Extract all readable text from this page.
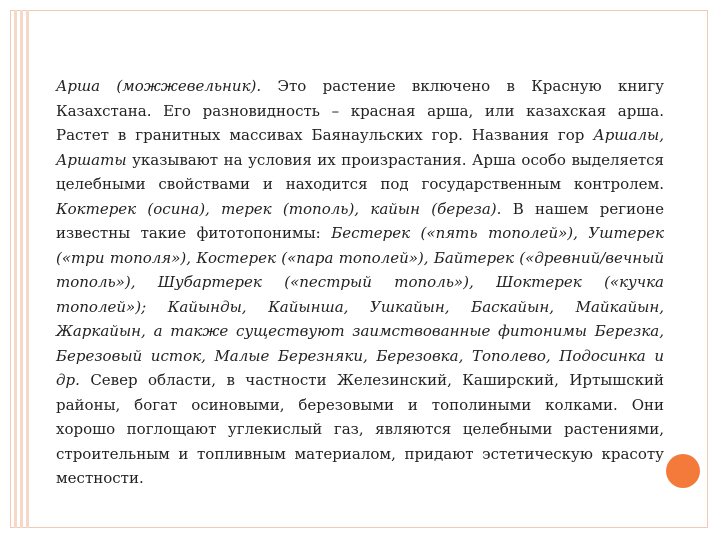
Арша (можжевельник). Это растение включено в Красную книгу Казахстана. Его разновидность – красная арша, или казахская арша. Растет в гранитных массивах Баянаульских гор. Названия гор Аршалы, Аршаты указывают на условия их произрастания. Арша особо выделяется целебными свойствами и находится под государственным контролем. Коктерек (осина), терек (тополь), кайын (береза). В нашем регионе известны такие фитотопонимы: Бестерек («пять тополей»), Уштерек («три тополя»), Костерек («пара тополей»), Байтерек («древний/вечный тополь»), Шубартерек («пестрый тополь»), Шоктерек («кучка тополей»); Кайынды, Кайынша, Ушкайын, Баскайын, Майкайын, Жаркайын, а также существуют заимствованные фитонимы Березка, Березовый исток, Малые Березняки, Березовка, Тополево, Подосинка и др. Север области, в частности Железинский, Каширский, Иртышский районы, богат осиновыми, березовыми и тополиными колками. Они хорошо поглощают углекислый газ, являются целебными растениями, строительным и топливным материалом, придают эстетическую красоту местности.
